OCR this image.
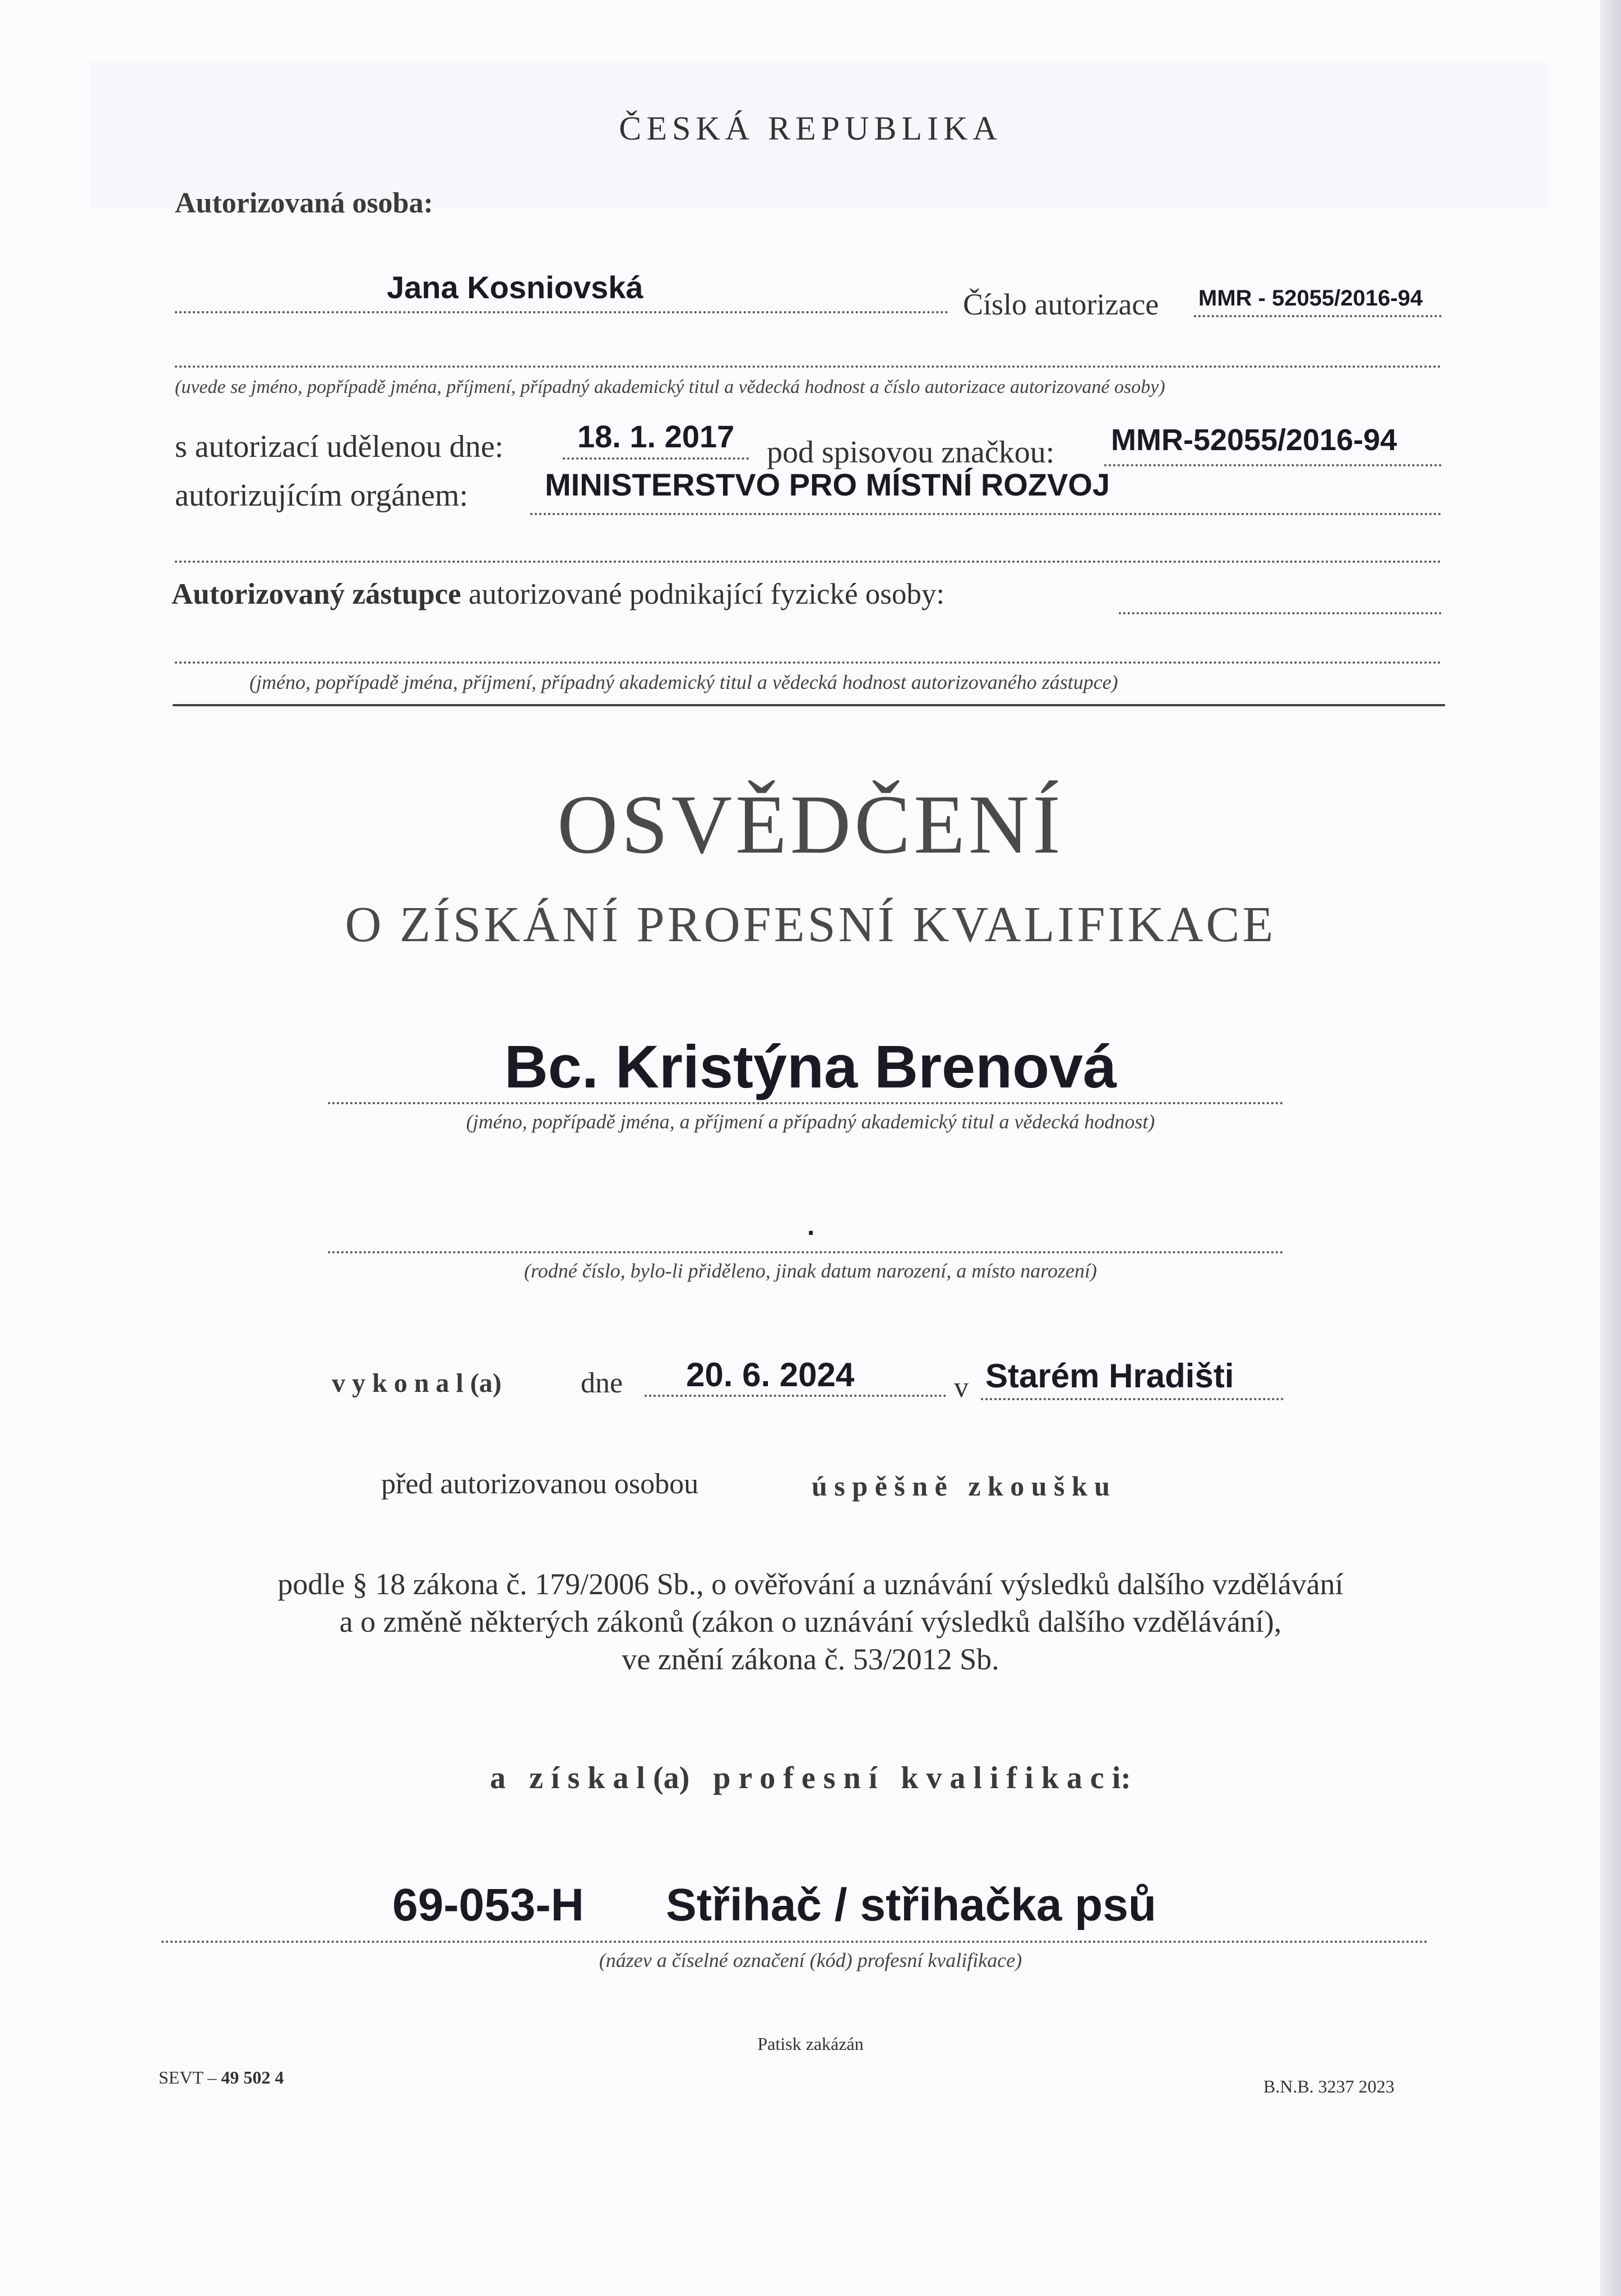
ČESKÁ REPUBLIKA
Autorizovaná osoba:
Jana Kosniovská	Číslo autorizace MMR - 52055/2016-94
(uvede se jméno, popřípadě jména, příjmení, případný akademický titul a vědecká hodnost a číslo autorizace autorizované osoby)
s autorizací udělenou dne: 18. 1. 2017 pod spisovou značkou: MMR-52055/2016-94
autorizujícím orgánem: MINISTERSTVO PRO MÍSTNÍ ROZVOJ
Autorizovaný zástupce autorizované podnikající fyzické osoby:
(jméno, popřípadě jména, příjmení, případný akademický titul a vědecká hodnost autorizovaného zástupce)
OSVĚDČENÍ
O ZÍSKÁNÍ PROFESNÍ KVALIFIKACE
Bc. Kristýna Brenová
(jméno, popřípadě jména, a příjmení a případný akademický titul a vědecká hodnost)
.
(rodné číslo, bylo-li přiděleno, jinak datum narození, a místo narození)
v y k o n a l (a)	dne 20. 6. 2024	v Starém Hradišti
před autorizovanou osobou	ú s p ě š n ě   z k o u š k u
podle § 18 zákona č. 179/2006 Sb., o ověřování a uznávání výsledků dalšího vzdělávání
a o změně některých zákonů (zákon o uznávání výsledků dalšího vzdělávání),
ve znění zákona č. 53/2012 Sb.
a   z í s k a l (a)   p r o f e s n í   k v a l i f i k a c i:
69-053-H Střihač / střihačka psů
(název a číselné označení (kód) profesní kvalifikace)
Patisk zakázán
SEVT – 49 502 4	B.N.B. 3237 2023
